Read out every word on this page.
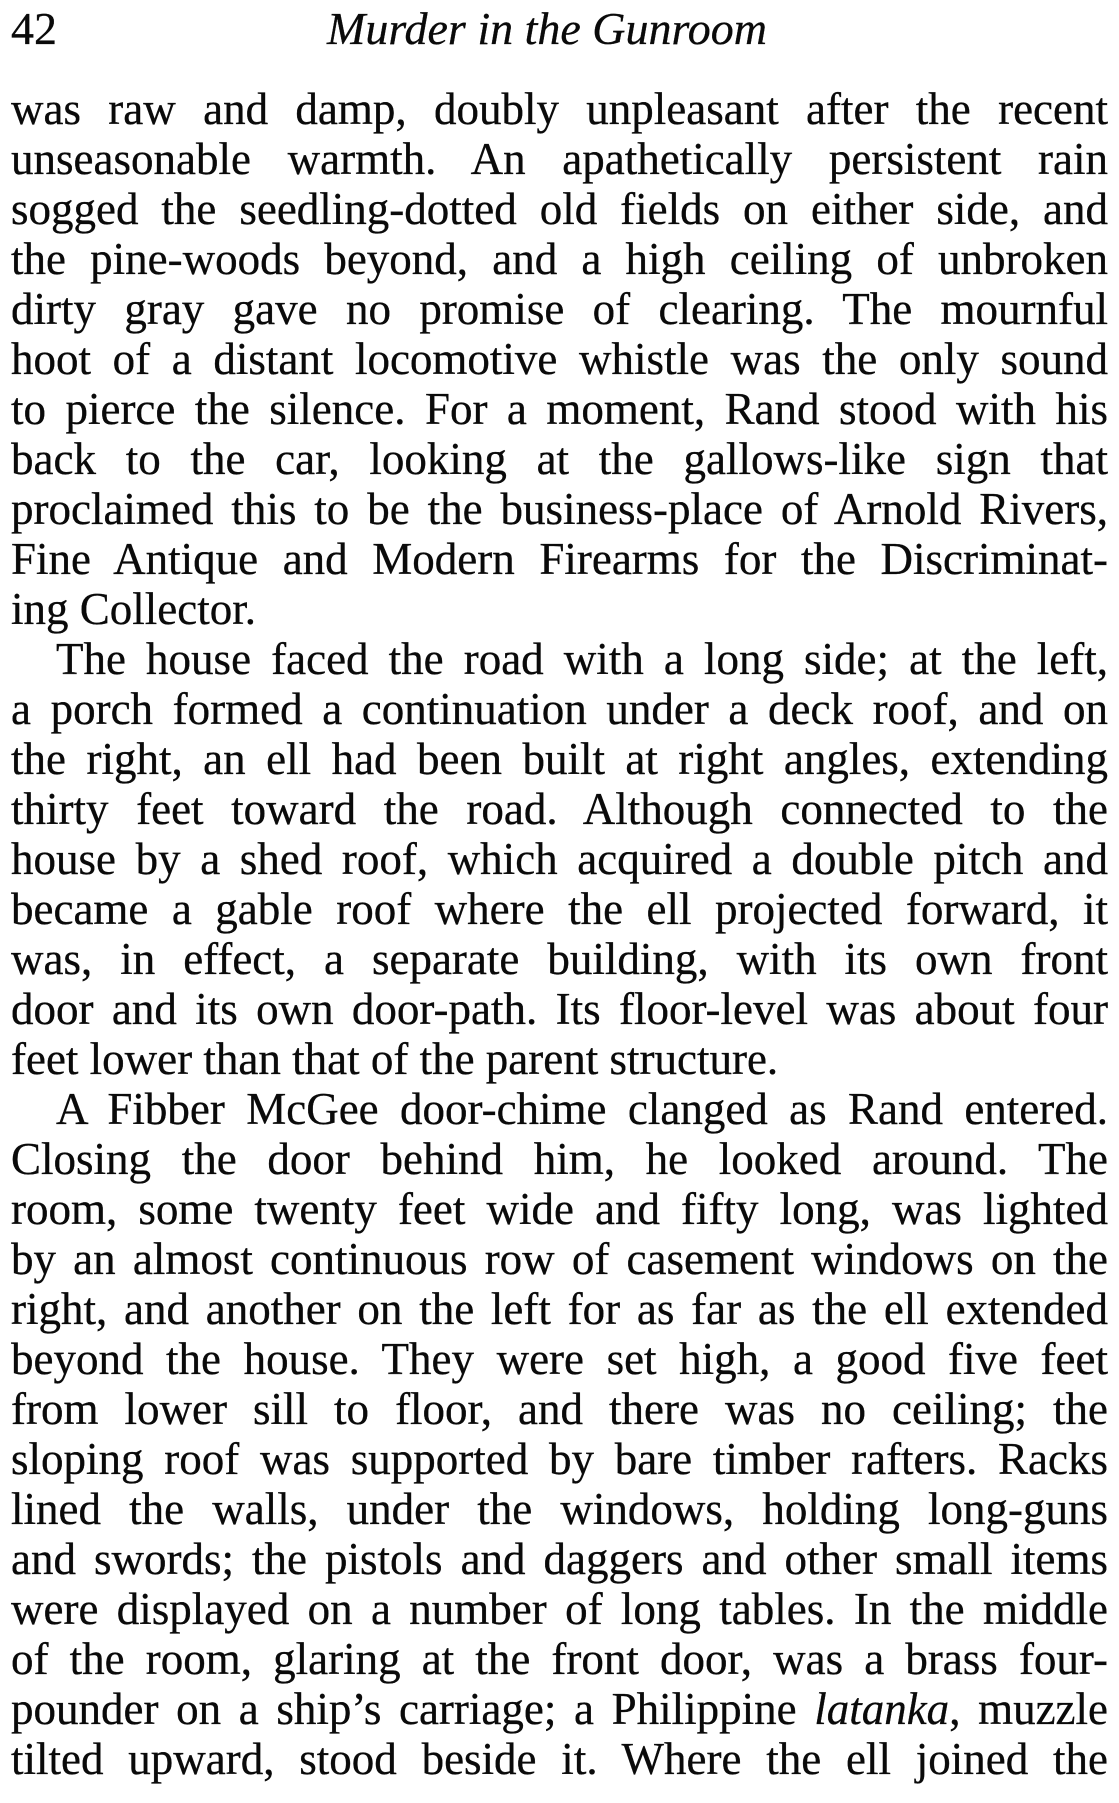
42	Murder in the Gunroom
was raw and damp, doubly unpleasant after the recent
unseasonable warmth. An apathetically persistent rain
sogged the seedling-dotted old fields on either side, and
the pine-woods beyond, and a high ceiling of unbroken
dirty gray gave no promise of clearing. The mournful
hoot of a distant locomotive whistle was the only sound
to pierce the silence. For a moment, Rand stood with his
back to the car, looking at the gallows-like sign that
proclaimed this to be the business-place of Arnold Rivers,
Fine Antique and Modern Firearms for the Discriminat-
ing Collector.
The house faced the road with a long side; at the left,
a porch formed a continuation under a deck roof, and on
the right, an ell had been built at right angles, extending
thirty feet toward the road. Although connected to the
house by a shed roof, which acquired a double pitch and
became a gable roof where the ell projected forward, it
was, in effect, a separate building, with its own front
door and its own door-path. Its floor-level was about four
feet lower than that of the parent structure.
A Fibber McGee door-chime clanged as Rand entered.
Closing the door behind him, he looked around. The
room, some twenty feet wide and fifty long, was lighted
by an almost continuous row of casement windows on the
right, and another on the left for as far as the ell extended
beyond the house. They were set high, a good five feet
from lower sill to floor, and there was no ceiling; the
sloping roof was supported by bare timber rafters. Racks
lined the walls, under the windows, holding long-guns
and swords; the pistols and daggers and other small items
were displayed on a number of long tables. In the middle
of the room, glaring at the front door, was a brass four-
pounder on a ship’s carriage; a Philippine latanka, muzzle
tilted upward, stood beside it. Where the ell joined the
